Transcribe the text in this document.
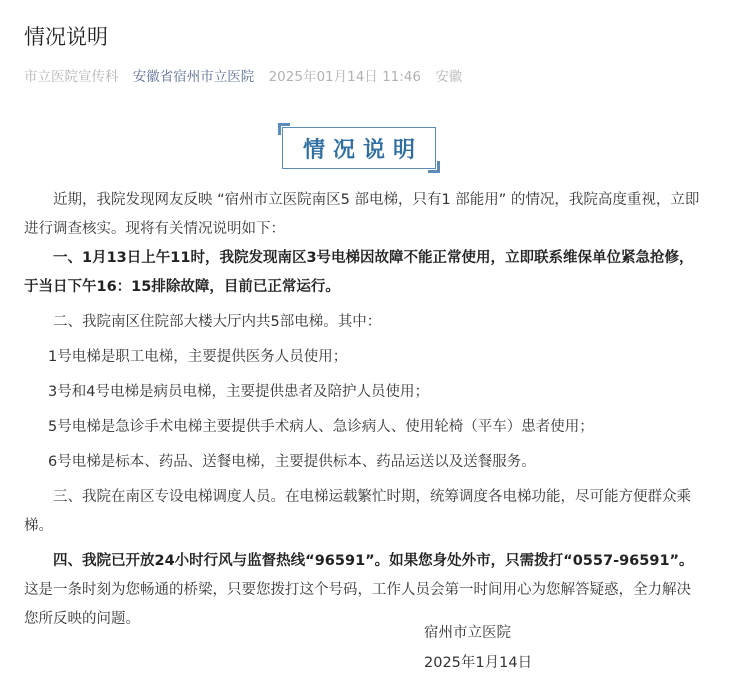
情况说明
市立医院宣传科 安徽省宿州市立医院 2025年01月14日 11:46 安徽
情况说明

近期，我院发现网友反映 “宿州市立医院南区5 部电梯，只有1 部能用” 的情况，我院高度重视，立即进行调查核实。现将有关情况说明如下：

一、1月13日上午11时，我院发现南区3号电梯因故障不能正常使用，立即联系维保单位紧急抢修，于当日下午16：15排除故障，目前已正常运行。

二、我院南区住院部大楼大厅内共5部电梯。其中：

1号电梯是职工电梯，主要提供医务人员使用；

3号和4号电梯是病员电梯，主要提供患者及陪护人员使用；

5号电梯是急诊手术电梯主要提供手术病人、急诊病人、使用轮椅（平车）患者使用；

6号电梯是标本、药品、送餐电梯，主要提供标本、药品运送以及送餐服务。

三、我院在南区专设电梯调度人员。在电梯运载繁忙时期，统筹调度各电梯功能，尽可能方便群众乘梯。

四、我院已开放24小时行风与监督热线“96591”。如果您身处外市，只需拨打“0557-96591”。这是一条时刻为您畅通的桥梁，只要您拨打这个号码，工作人员会第一时间用心为您解答疑惑，全力解决您所反映的问题。

宿州市立医院
2025年1月14日
